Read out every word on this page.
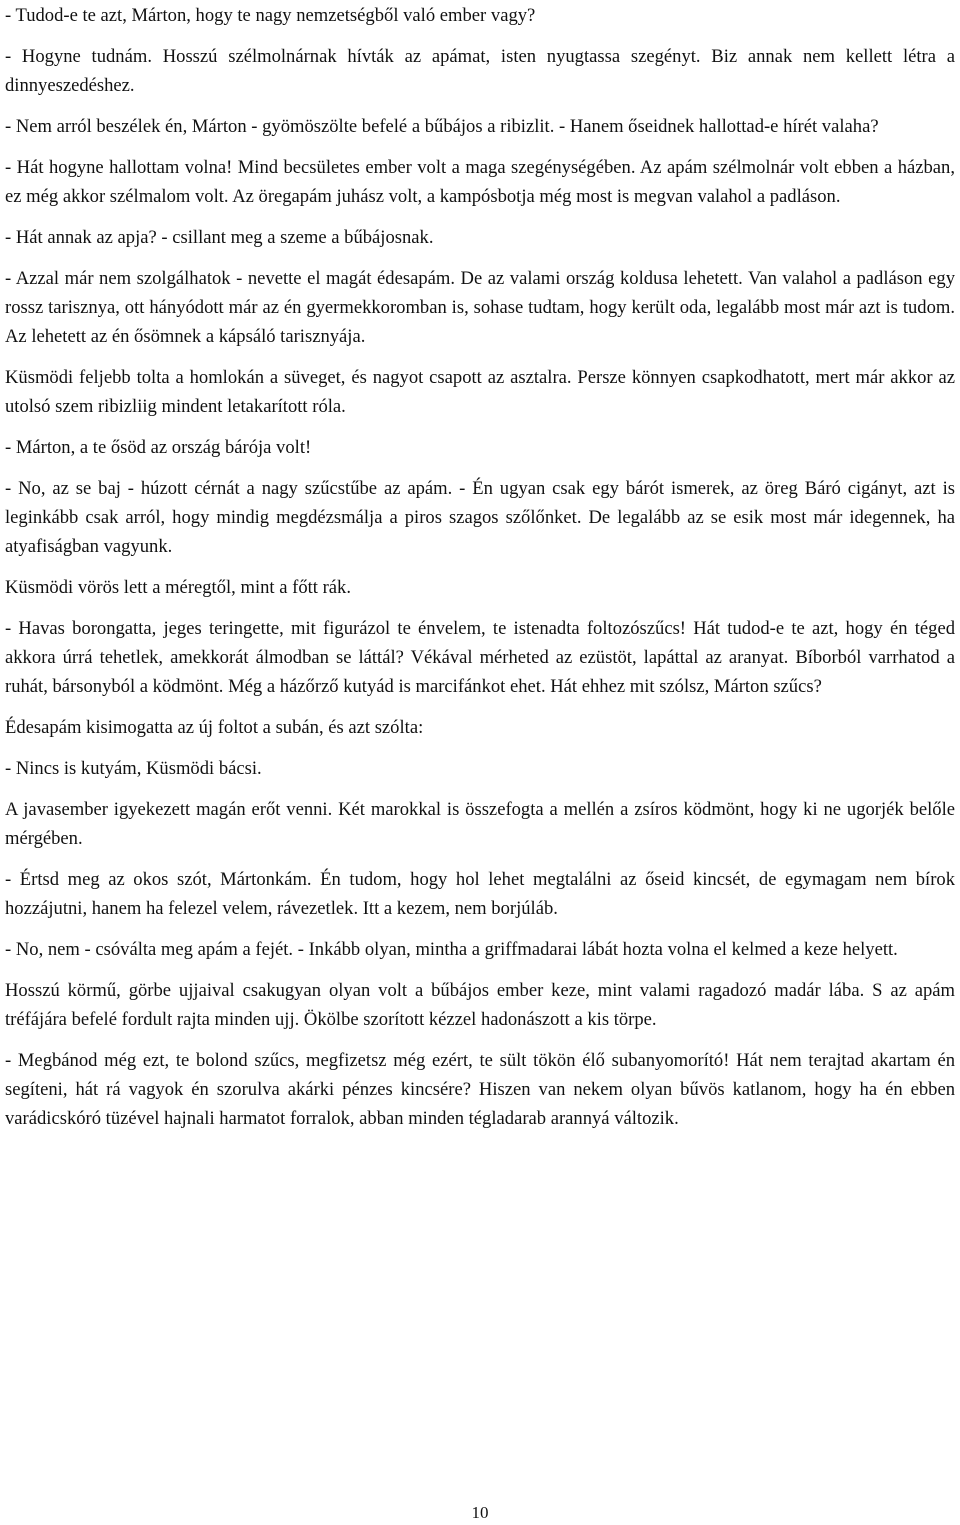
- Tudod-e te azt, Márton, hogy te nagy nemzetségből való ember vagy?

- Hogyne tudnám. Hosszú szélmolnárnak hívták az apámat, isten nyugtassa szegényt. Biz annak nem kellett létra a dinnyeszedéshez.

- Nem arról beszélek én, Márton - gyömöszölte befelé a bűbájos a ribizlit. - Hanem őseidnek hallottad-e hírét valaha?

- Hát hogyne hallottam volna! Mind becsületes ember volt a maga szegénységében. Az apám szélmolnár volt ebben a házban, ez még akkor szélmalom volt. Az öregapám juhász volt, a kampósbotja még most is megvan valahol a padláson.

- Hát annak az apja? - csillant meg a szeme a bűbájosnak.

- Azzal már nem szolgálhatok - nevette el magát édesapám. De az valami ország koldusa lehetett. Van valahol a padláson egy rossz tarisznya, ott hányódott már az én gyermekkoromban is, sohase tudtam, hogy került oda, legalább most már azt is tudom. Az lehetett az én ősömnek a kápsáló tarisznyája.

Küsmödi feljebb tolta a homlokán a süveget, és nagyot csapott az asztalra. Persze könnyen csapkodhatott, mert már akkor az utolsó szem ribizliig mindent letakarított róla.

- Márton, a te ősöd az ország bárója volt!

- No, az se baj - húzott cérnát a nagy szűcstűbe az apám. - Én ugyan csak egy bárót ismerek, az öreg Báró cigányt, azt is leginkább csak arról, hogy mindig megdézsmálja a piros szagos szőlőnket. De legalább az se esik most már idegennek, ha atyafiságban vagyunk.

Küsmödi vörös lett a méregtől, mint a főtt rák.

- Havas borongatta, jeges teringette, mit figurázol te énvelem, te istenadta foltozószűcs! Hát tudod-e te azt, hogy én téged akkora úrrá tehetlek, amekkorát álmodban se láttál? Vékával mérheted az ezüstöt, lapáttal az aranyat. Bíborból varrhatod a ruhát, bársonyból a ködmönt. Még a házőrző kutyád is marcifánkot ehet. Hát ehhez mit szólsz, Márton szűcs?

Édesapám kisimogatta az új foltot a subán, és azt szólta:

- Nincs is kutyám, Küsmödi bácsi.

A javasember igyekezett magán erőt venni. Két marokkal is összefogta a mellén a zsíros ködmönt, hogy ki ne ugorjék belőle mérgében.

- Értsd meg az okos szót, Mártonkám. Én tudom, hogy hol lehet megtalálni az őseid kincsét, de egymagam nem bírok hozzájutni, hanem ha felezel velem, rávezetlek. Itt a kezem, nem borjúláb.

- No, nem - csóválta meg apám a fejét. - Inkább olyan, mintha a griffmadarai lábát hozta volna el kelmed a keze helyett.

Hosszú körmű, görbe ujjaival csakugyan olyan volt a bűbájos ember keze, mint valami ragadozó madár lába. S az apám tréfájára befelé fordult rajta minden ujj. Ökölbe szorított kézzel hadonászott a kis törpe.

- Megbánod még ezt, te bolond szűcs, megfizetsz még ezért, te sült tökön élő subanyomorító! Hát nem terajtad akartam én segíteni, hát rá vagyok én szorulva akárki pénzes kincsére? Hiszen van nekem olyan bűvös katlanom, hogy ha én ebben varádicskóró tüzével hajnali harmatot forralok, abban minden tégladarab arannyá változik.

10
